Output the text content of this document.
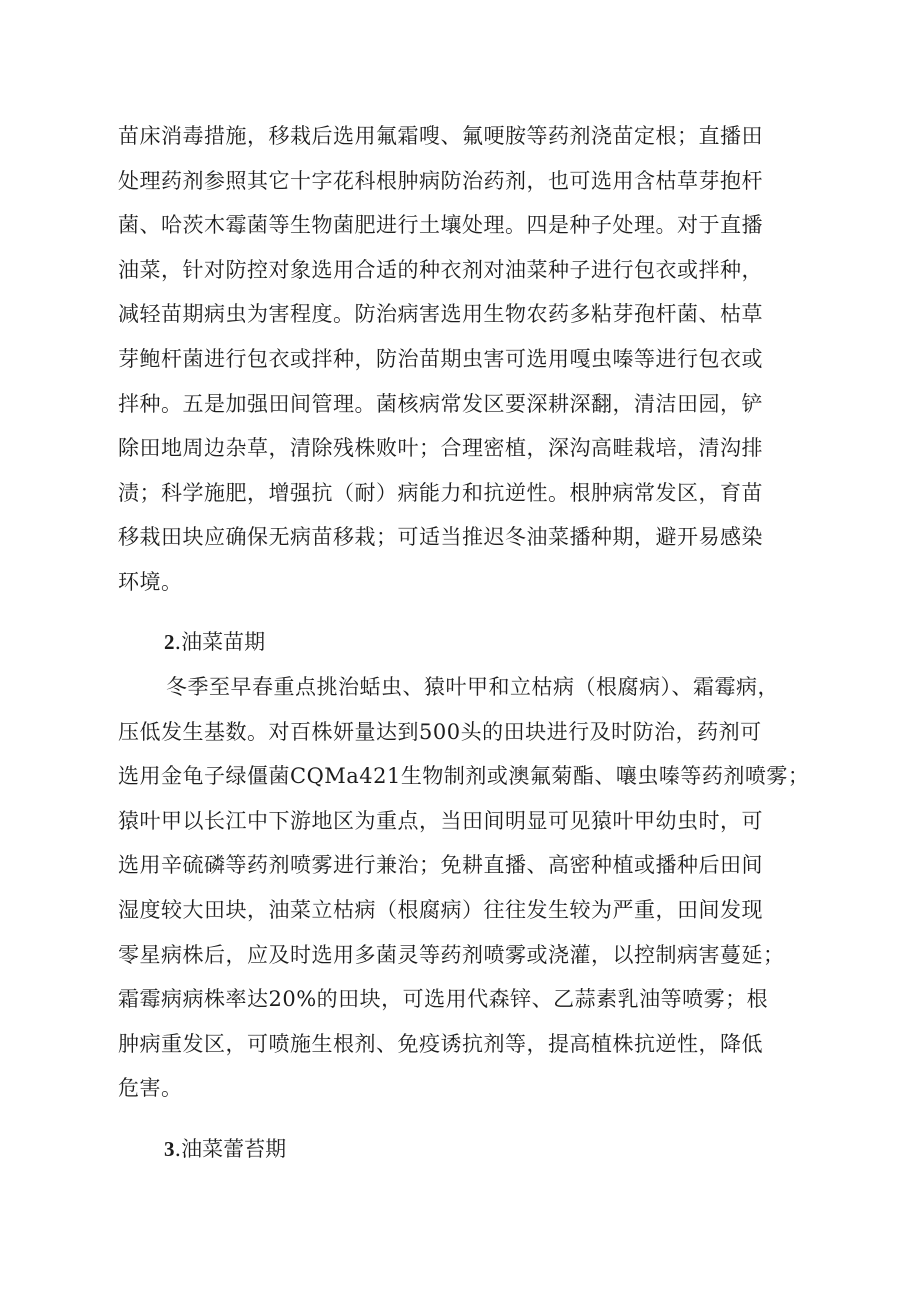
苗床消毒措施，移栽后选用氟霜嗖、氟哽胺等药剂浇苗定根；直播田
处理药剂参照其它十字花科根肿病防治药剂，也可选用含枯草芽抱杆
菌、哈茨木霉菌等生物菌肥进行土壤处理。四是种子处理。对于直播
油菜，针对防控对象选用合适的种衣剂对油菜种子进行包衣或拌种，
减轻苗期病虫为害程度。防治病害选用生物农药多粘芽孢杆菌、枯草
芽鲍杆菌进行包衣或拌种，防治苗期虫害可选用嘎虫嗪等进行包衣或
拌种。五是加强田间管理。菌核病常发区要深耕深翻，清洁田园，铲
除田地周边杂草，清除残株败叶；合理密植，深沟高畦栽培，清沟排
渍；科学施肥，增强抗（耐）病能力和抗逆性。根肿病常发区，育苗
移栽田块应确保无病苗移栽；可适当推迟冬油菜播种期，避开易感染
环境。
2.油菜苗期
冬季至早春重点挑治蛞虫、猿叶甲和立枯病（根腐病）、霜霉病，
压低发生基数。对百株妍量达到500头的田块进行及时防治，药剂可
选用金龟子绿僵菌CQMa421生物制剂或澳氟菊酯、嚷虫嗪等药剂喷雾；
猿叶甲以长江中下游地区为重点，当田间明显可见猿叶甲幼虫时，可
选用辛硫磷等药剂喷雾进行兼治；免耕直播、高密种植或播种后田间
湿度较大田块，油菜立枯病（根腐病）往往发生较为严重，田间发现
零星病株后，应及时选用多菌灵等药剂喷雾或浇灌，以控制病害蔓延；
霜霉病病株率达20%的田块，可选用代森锌、乙蒜素乳油等喷雾；根
肿病重发区，可喷施生根剂、免疫诱抗剂等，提高植株抗逆性，降低
危害。
3.油菜蕾苔期
